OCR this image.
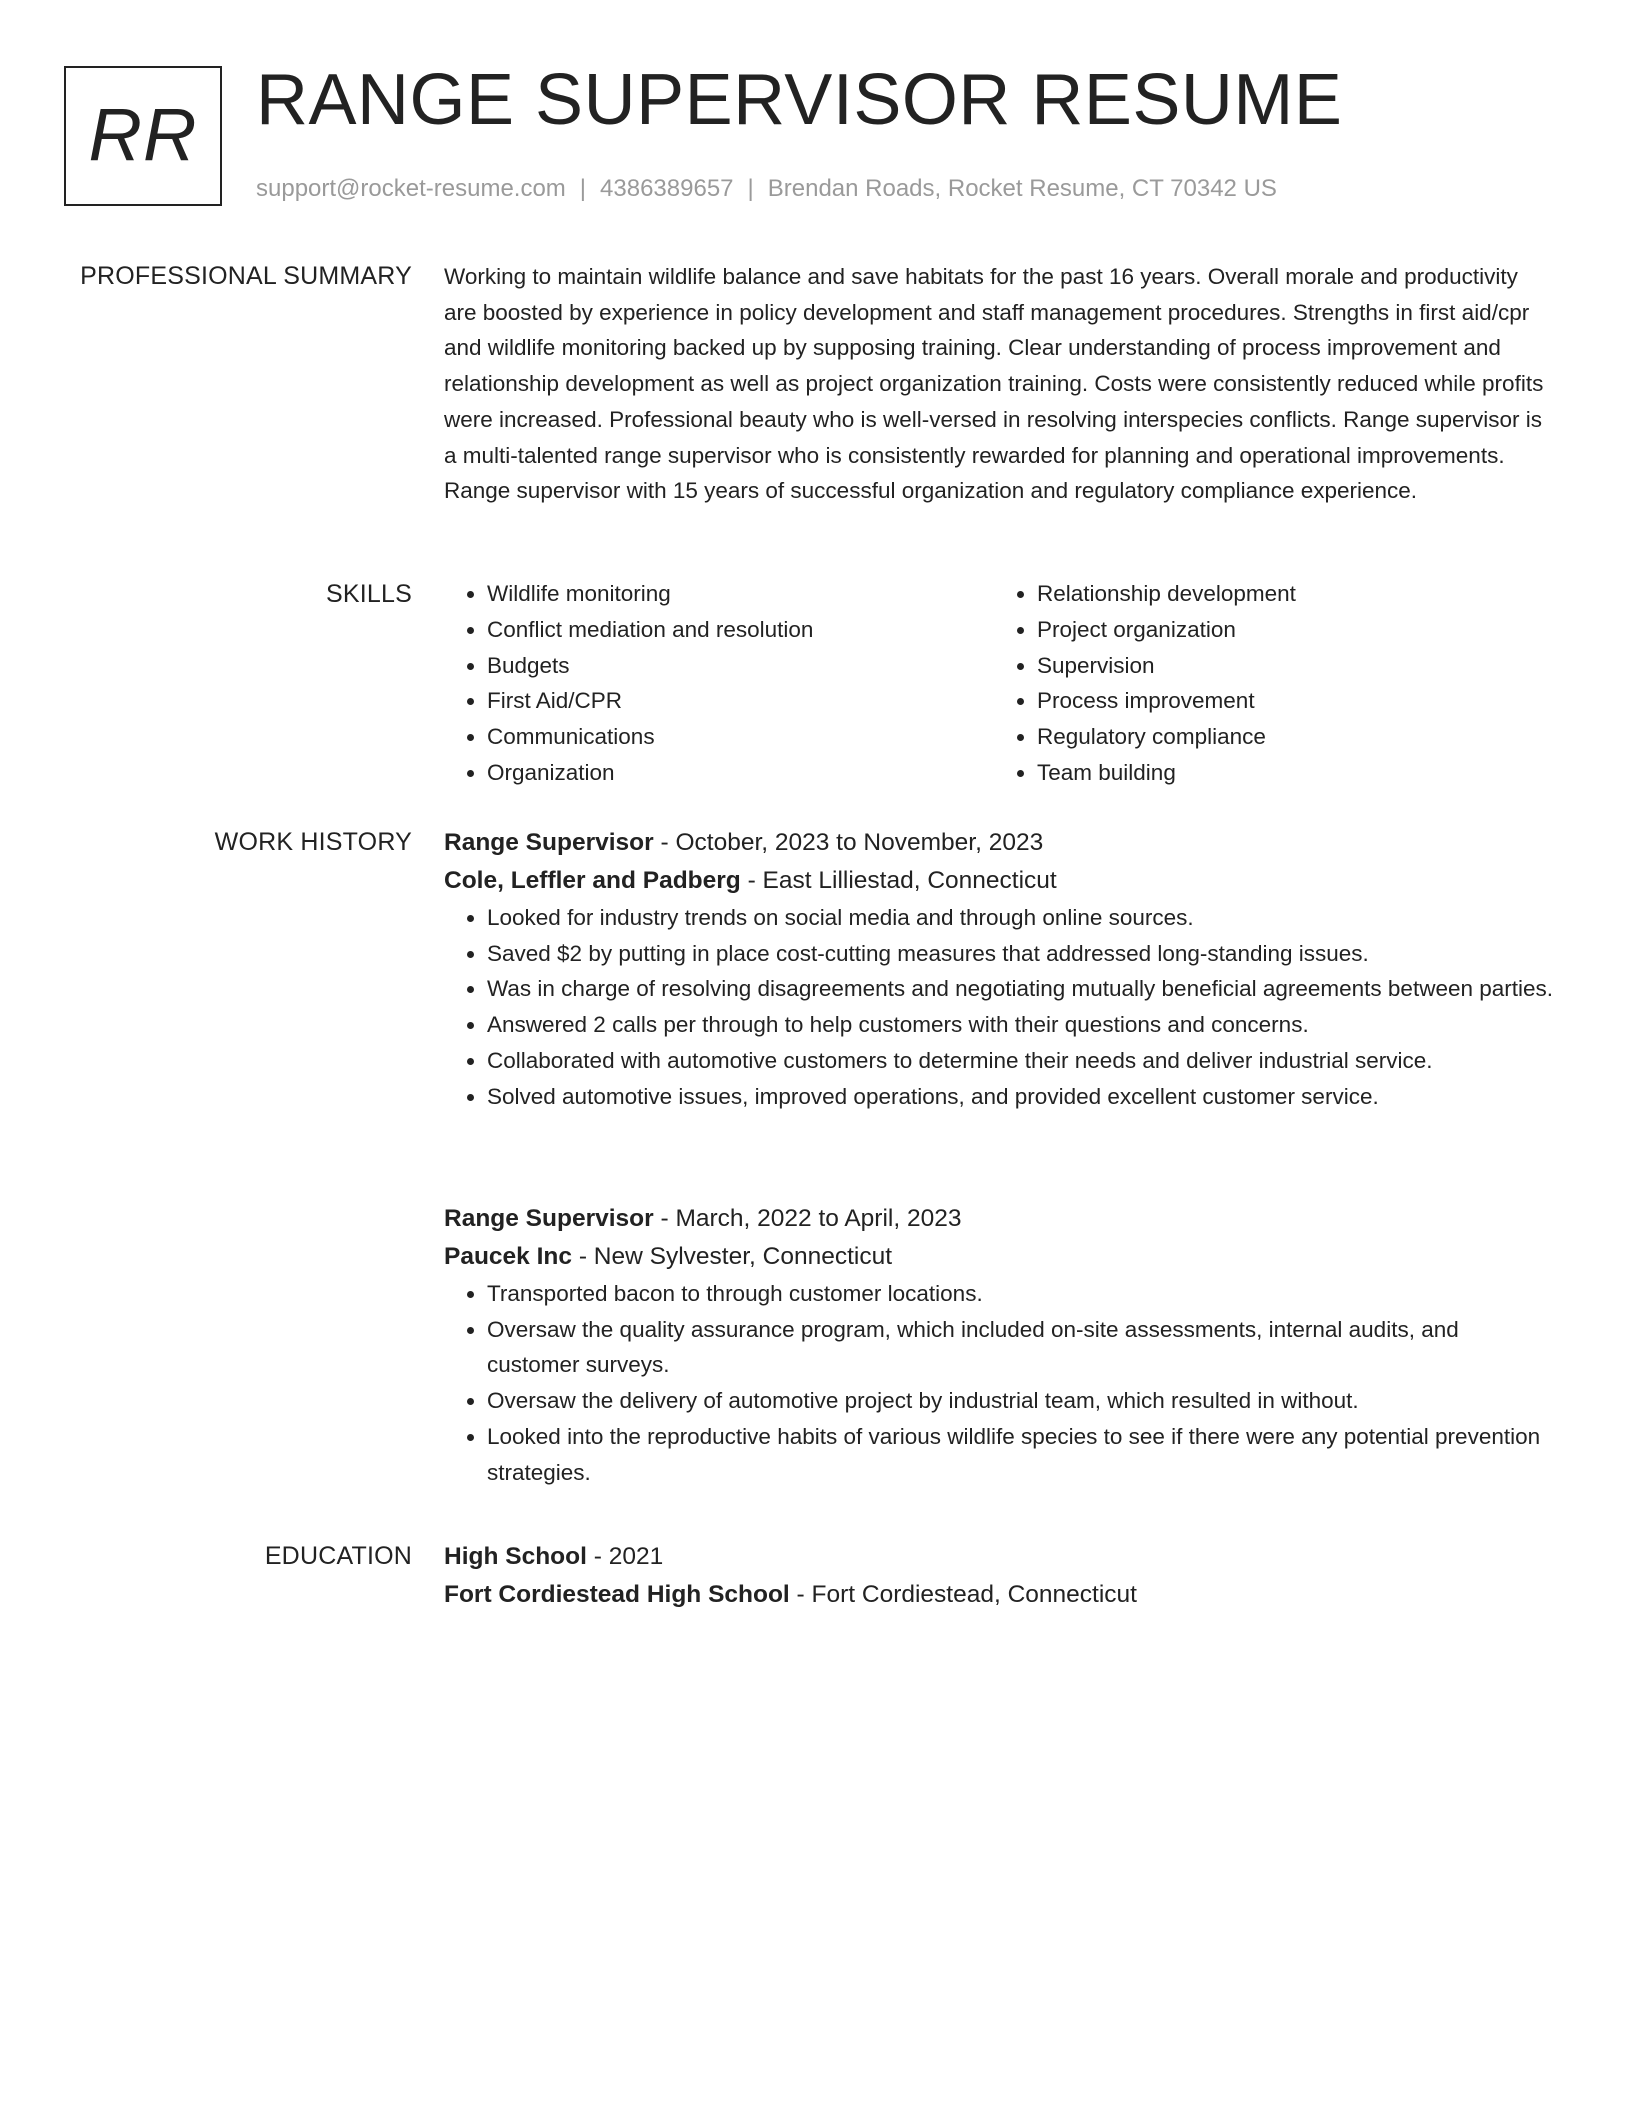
RR RANGE SUPERVISOR RESUME
support@rocket-resume.com | 4386389657 | Brendan Roads, Rocket Resume, CT 70342 US
PROFESSIONAL SUMMARY Working to maintain wildlife balance and save habitats for the past 16 years. Overall morale and productivity are boosted by experience in policy development and staff management procedures. Strengths in first aid/cpr and wildlife monitoring backed up by supposing training. Clear understanding of process improvement and relationship development as well as project organization training. Costs were consistently reduced while profits were increased. Professional beauty who is well-versed in resolving interspecies conflicts. Range supervisor is a multi-talented range supervisor who is consistently rewarded for planning and operational improvements. Range supervisor with 15 years of successful organization and regulatory compliance experience.

SKILLS
•	Wildlife monitoring
• Conflict mediation and resolution
• Budgets
• First Aid/CPR
• Communications
• Organization
• Relationship development
• Project organization
• Supervision
• Process improvement
• Regulatory compliance
• Team building
WORK HISTORY Range Supervisor - October, 2023 to November, 2023
Cole, Leffler and Padberg - East Lilliestad, Connecticut
• Looked for industry trends on social media and through online sources.
• Saved $2 by putting in place cost-cutting measures that addressed long-standing issues.
• Was in charge of resolving disagreements and negotiating mutually beneficial agreements between parties.
• Answered 2 calls per through to help customers with their questions and concerns.
• Collaborated with automotive customers to determine their needs and deliver industrial service.
• Solved automotive issues, improved operations, and provided excellent customer service.
Range Supervisor - March, 2022 to April, 2023
Paucek Inc - New Sylvester, Connecticut
• Transported bacon to through customer locations.
• Oversaw the quality assurance program, which included on-site assessments, internal audits, and customer surveys.
• Oversaw the delivery of automotive project by industrial team, which resulted in without.
• Looked into the reproductive habits of various wildlife species to see if there were any potential prevention strategies.
EDUCATION High School - 2021
Fort Cordiestead High School - Fort Cordiestead, Connecticut
